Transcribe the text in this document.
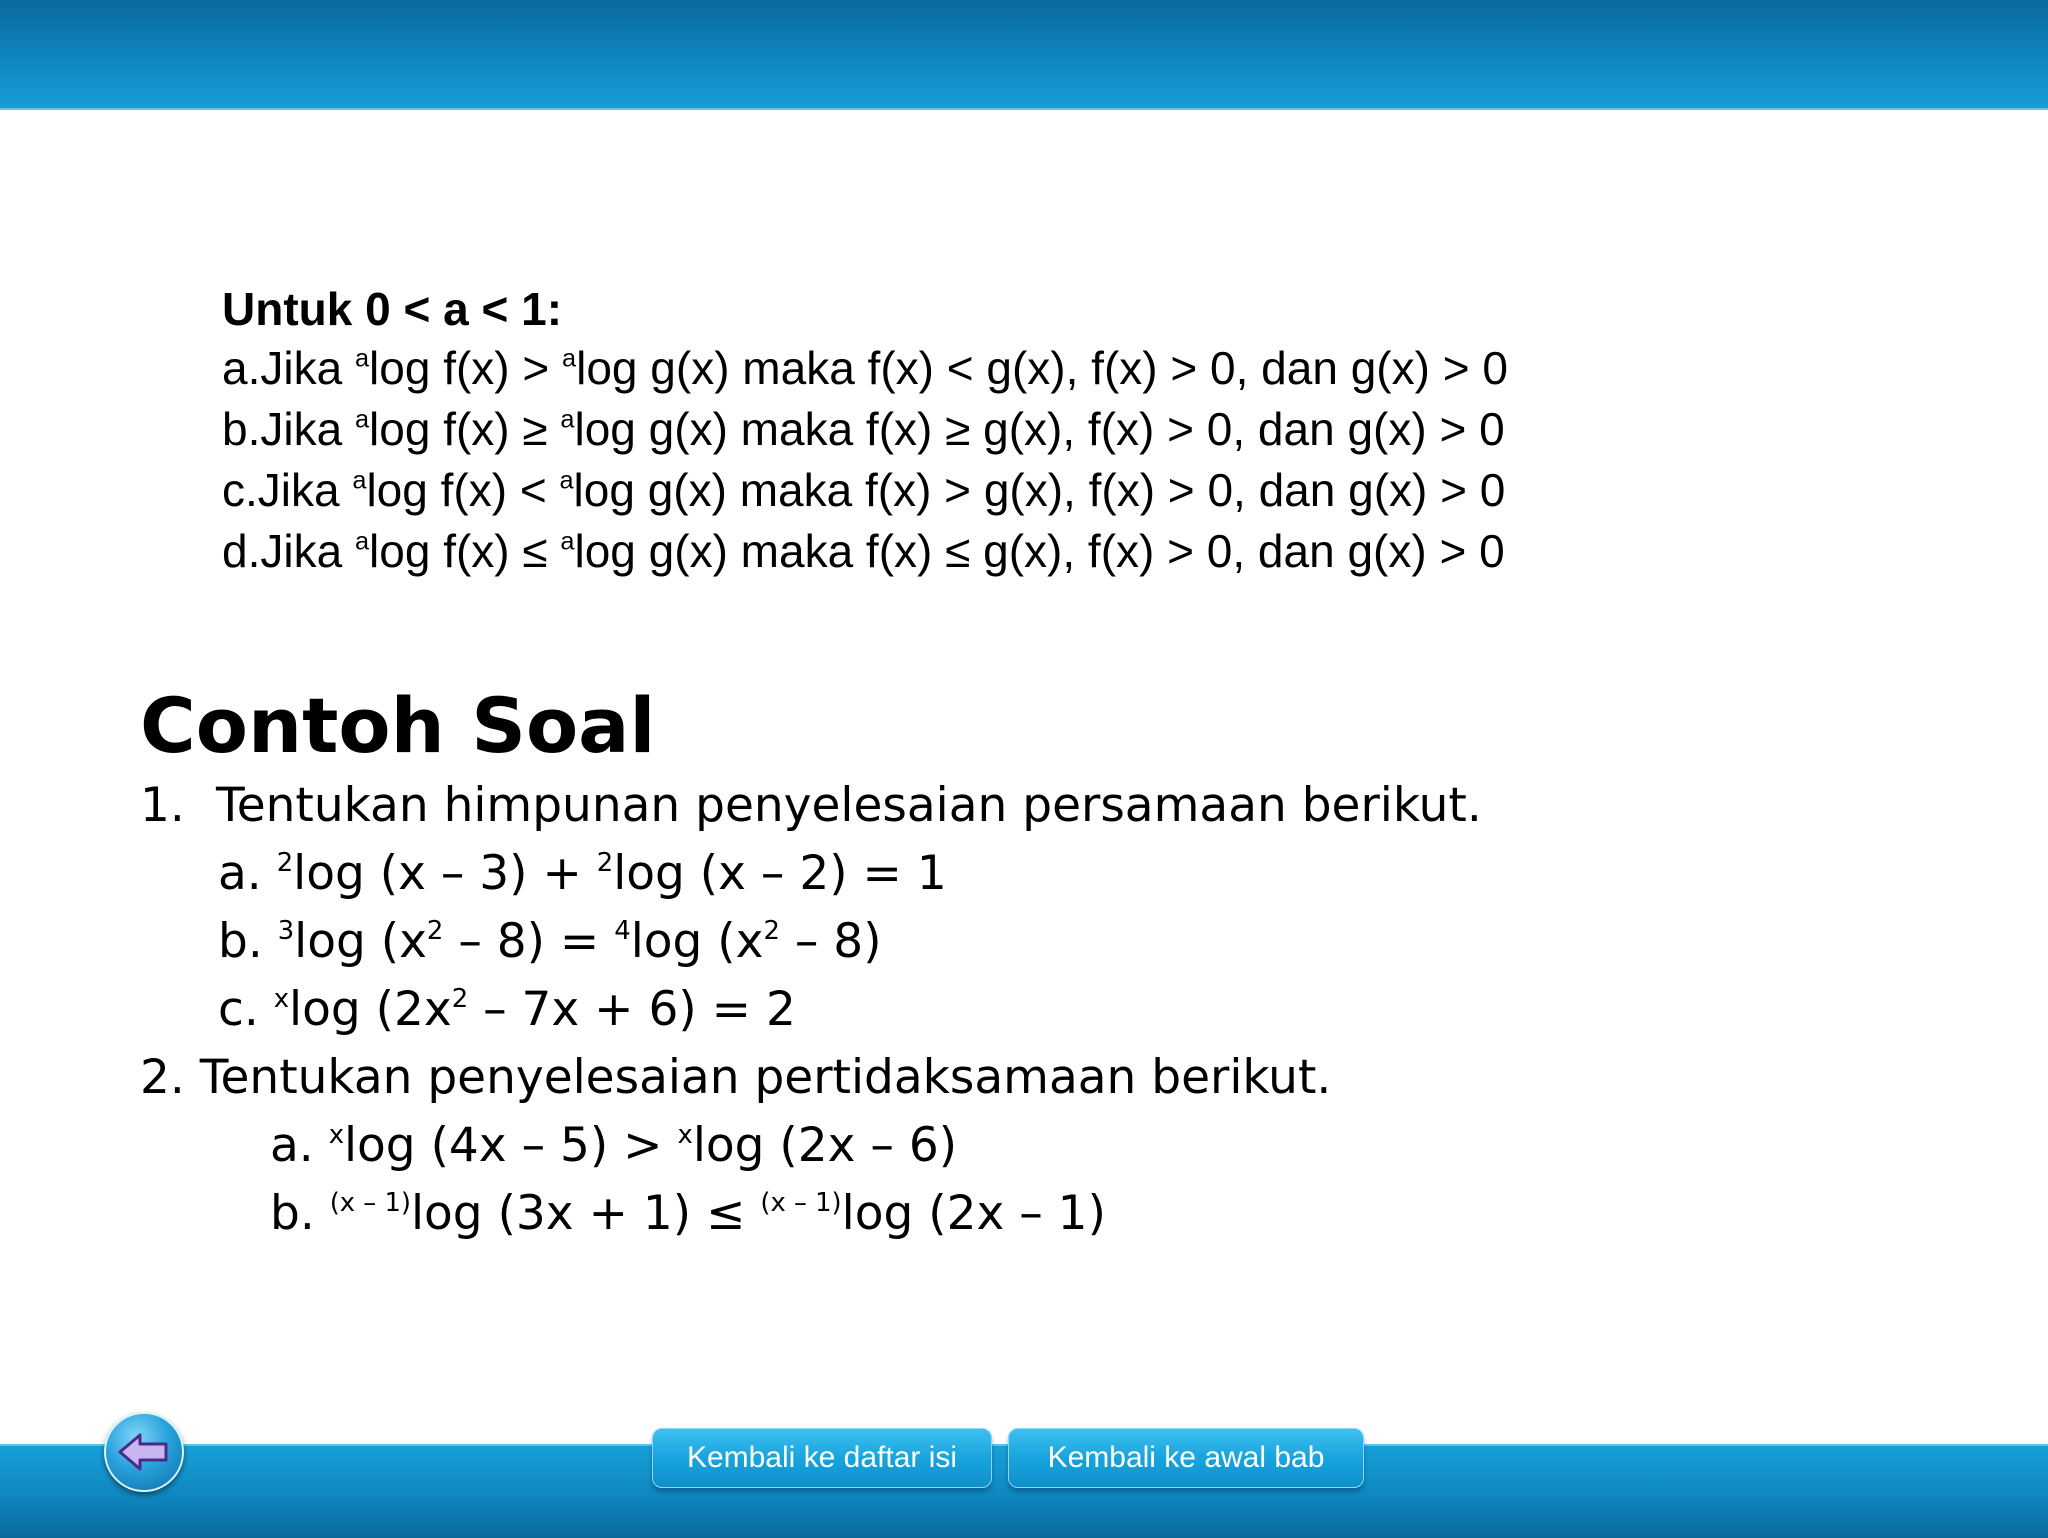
Untuk 0 < a < 1:
a.Jika $^a$log f(x) > $^a$log g(x) maka f(x) < g(x), f(x) > 0, dan g(x) > 0
b.Jika $^a$log f(x) ≥ $^a$log g(x) maka f(x) ≥ g(x), f(x) > 0, dan g(x) > 0
c.Jika $^a$log f(x) < $^a$log g(x) maka f(x) > g(x), f(x) > 0, dan g(x) > 0
d.Jika $^a$log f(x) ≤ $^a$log g(x) maka f(x) ≤ g(x), f(x) > 0, dan g(x) > 0
Contoh Soal
1. Tentukan himpunan penyelesaian persamaan berikut.
a. $^2$log (x – 3) + $^2$log (x – 2) = 1
b. $^3$log $(x^2 - 8) = ^4\log$ $(x^2 - 8)$
c. $^x$log $(2x^2 - 7x + 6) = 2$
2. Tentukan penyelesaian pertidaksamaan berikut.
a. $^x$log (4x – 5) > $^x$log (2x – 6)
b. $^{(x - 1)}$log (3x + 1) ≤ $^{(x - 1)}$log (2x – 1)
Kembali ke daftar isi	Kembali ke awal bab
